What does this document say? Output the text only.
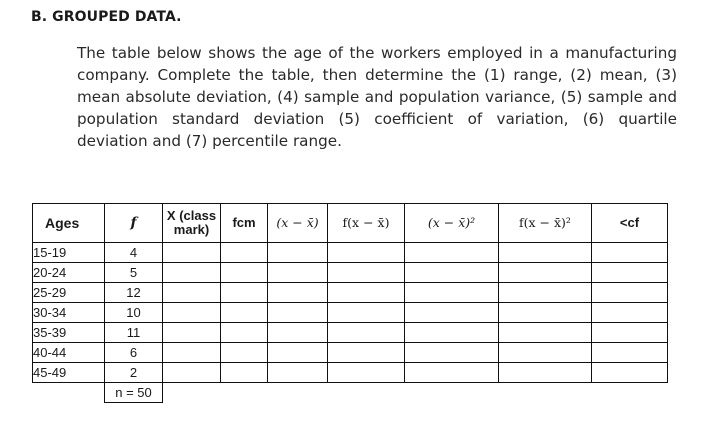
B. GROUPED DATA.
The table below shows the age of the workers employed in a manufacturing company. Complete the table, then determine the (1) range, (2) mean, (3) mean absolute deviation, (4) sample and population variance, (5) sample and population standard deviation (5) coefficient of variation, (6) quartile deviation and (7) percentile range.
Ages	f	X (class mark)	fcm	(x − x̄)	f(x − x̄)	(x − x̄)²	f(x − x̄)²	<cf
15-19	4							
20-24	5							
25-29	12							
30-34	10							
35-39	11							
40-44	6							
45-49	2							
	n = 50							
